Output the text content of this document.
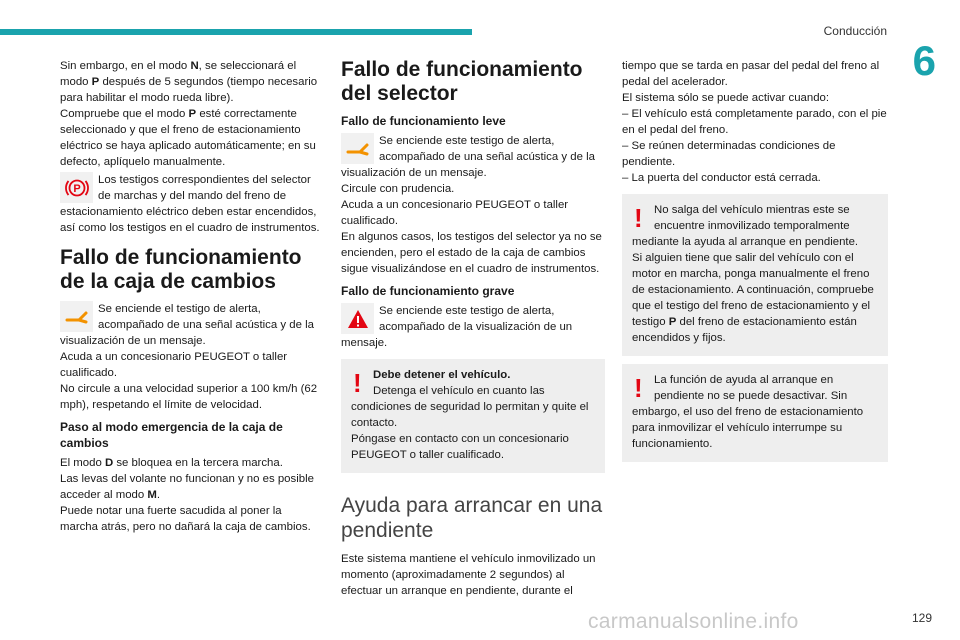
Conducción
6

Sin embargo, en el modo N, se seleccionará el modo P después de 5 segundos (tiempo necesario para habilitar el modo rueda libre).

Compruebe que el modo P esté correctamente seleccionado y que el freno de estacionamiento eléctrico se haya aplicado automáticamente; en su defecto, aplíquelo manualmente.

P
Los testigos correspondientes del selector de marchas y del mando del freno de

estacionamiento eléctrico deben estar encendidos, así como los testigos en el cuadro de instrumentos.

Fallo de funcionamiento de la caja de cambios
Se enciende el testigo de alerta, acompañado de una señal acústica y de la

visualización de un mensaje.

Acuda a un concesionario PEUGEOT o taller cualificado.

No circule a una velocidad superior a 100 km/h (62 mph), respetando el límite de velocidad.

Paso al modo emergencia de la caja de cambios

El modo D se bloquea en la tercera marcha.

Las levas del volante no funcionan y no es posible acceder al modo M.

Puede notar una fuerte sacudida al poner la marcha atrás, pero no dañará la caja de cambios.

Fallo de funcionamiento del selector
Fallo de funcionamiento leve
Se enciende este testigo de alerta, acompañado de una señal acústica y de la

visualización de un mensaje.

Circule con prudencia.

Acuda a un concesionario PEUGEOT o taller cualificado.

En algunos casos, los testigos del selector ya no se encienden, pero el estado de la caja de cambios sigue visualizándose en el cuadro de instrumentos.

Fallo de funcionamiento grave
Se enciende este testigo de alerta, acompañado de la visualización de un

mensaje.

! Debe detener el vehículo.

Detenga el vehículo en cuanto las

condiciones de seguridad lo permitan y quite el contacto.

Póngase en contacto con un concesionario PEUGEOT o taller cualificado.

Ayuda para arrancar en una pendiente

Este sistema mantiene el vehículo inmovilizado un momento (aproximadamente 2 segundos) al efectuar un arranque en pendiente, durante el

tiempo que se tarda en pasar del pedal del freno al pedal del acelerador.

El sistema sólo se puede activar cuando:

– El vehículo está completamente parado, con el pie en el pedal del freno.

– Se reúnen determinadas condiciones de pendiente.

– La puerta del conductor está cerrada.

! No salga del vehículo mientras este se encuentre inmovilizado temporalmente

mediante la ayuda al arranque en pendiente.

Si alguien tiene que salir del vehículo con el motor en marcha, ponga manualmente el freno de estacionamiento. A continuación, compruebe que el testigo del freno de estacionamiento y el testigo P del freno de estacionamiento están encendidos y fijos.

! La función de ayuda al arranque en pendiente no se puede desactivar. Sin

embargo, el uso del freno de estacionamiento para inmovilizar el vehículo interrumpe su funcionamiento.

129
carmanualsonline.info
